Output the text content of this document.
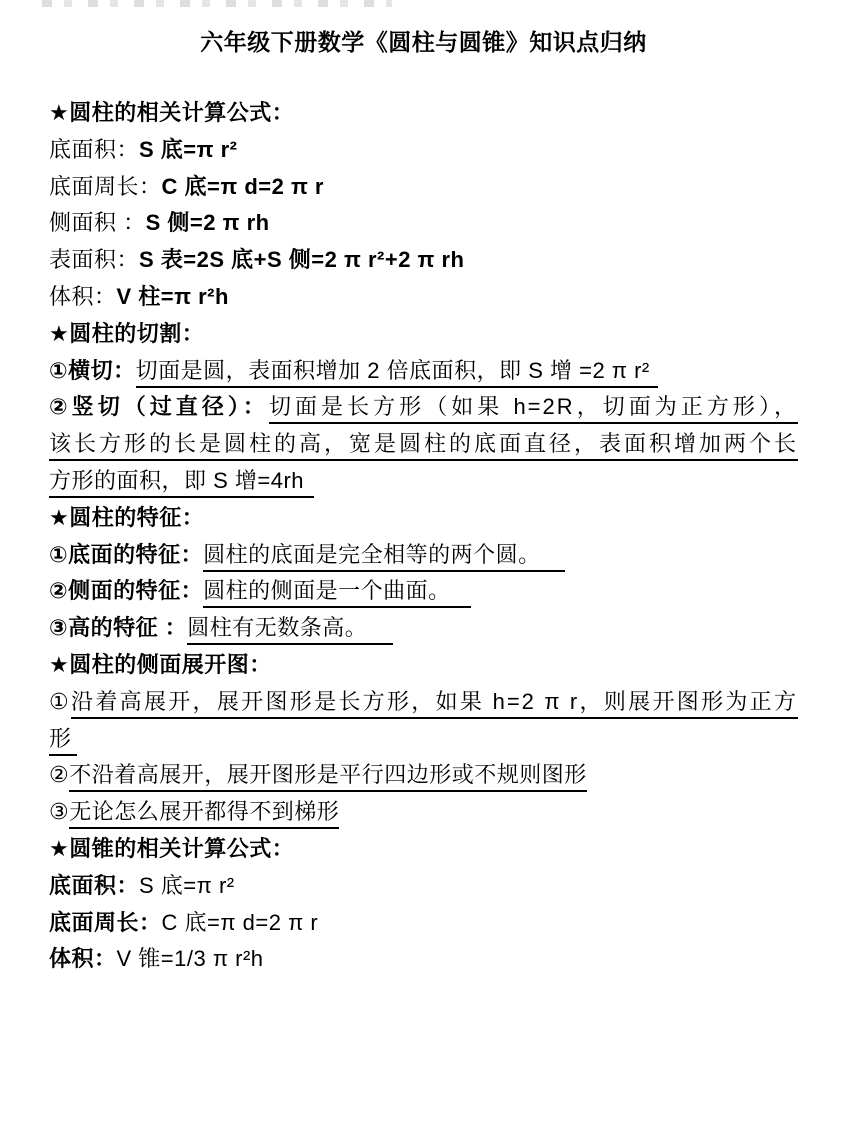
六年级下册数学《圆柱与圆锥》知识点归纳
★圆柱的相关计算公式：
底面积：S 底=π r²
底面周长：C 底=π d=2 π r
侧面积 ：S 侧=2 π rh
表面积：S 表=2S 底+S 侧=2 π r²+2 π rh
体积：V 柱=π r²h
★圆柱的切割：
①横切：切面是圆，表面积增加 2 倍底面积，即 S 增 =2 π r²
②竖切（过直径）：切面是长方形（如果 h=2R，切面为正方形），
该长方形的长是圆柱的高，宽是圆柱的底面直径，表面积增加两个长
方形的面积，即 S 增=4rh
★圆柱的特征：
①底面的特征：圆柱的底面是完全相等的两个圆。
②侧面的特征：圆柱的侧面是一个曲面。
③高的特征 ：圆柱有无数条高。
★圆柱的侧面展开图：
①沿着高展开，展开图形是长方形，如果 h=2 π r，则展开图形为正方
形
②不沿着高展开，展开图形是平行四边形或不规则图形
③无论怎么展开都得不到梯形
★圆锥的相关计算公式：
底面积：S 底=π r²
底面周长：C 底=π d=2 π r
体积：V 锥=1/3 π r²h
